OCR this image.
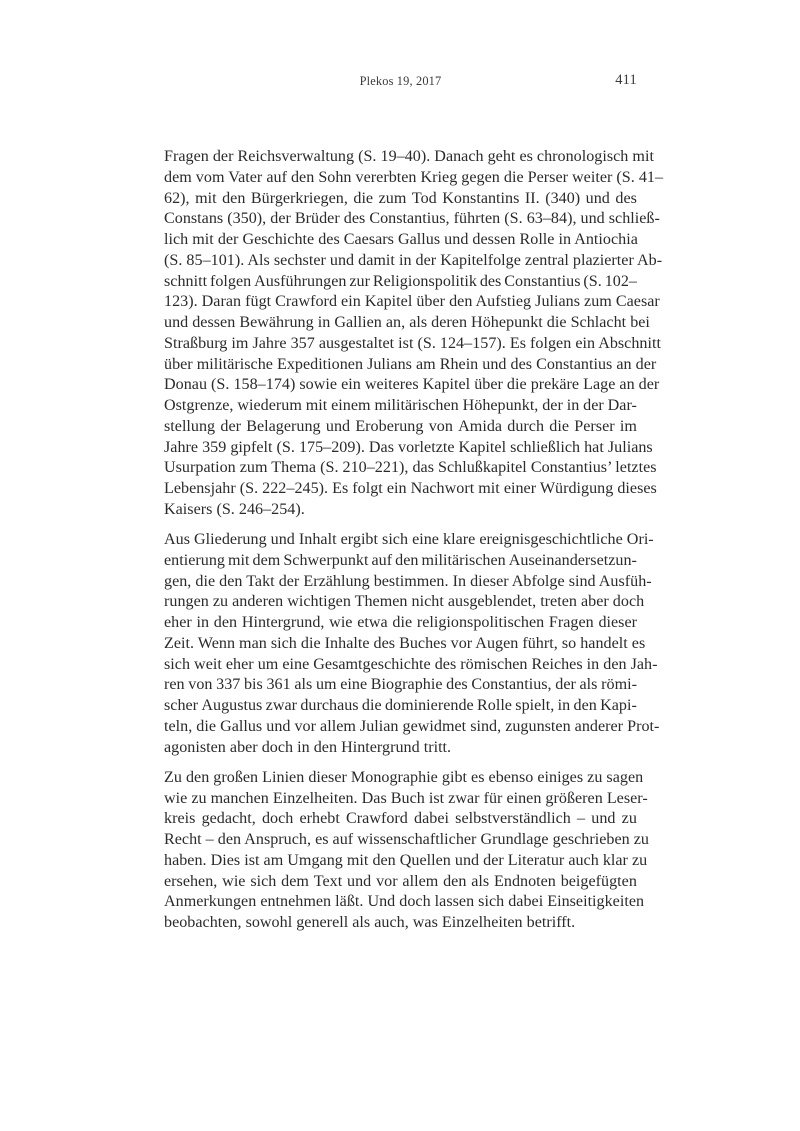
Plekos 19, 2017	411

Fragen der Reichsverwaltung (S. 19–40). Danach geht es chronologisch mit
dem vom Vater auf den Sohn vererbten Krieg gegen die Perser weiter (S. 41–
62), mit den Bürgerkriegen, die zum Tod Konstantins II. (340) und des
Constans (350), der Brüder des Constantius, führten (S. 63–84), und schließ-
lich mit der Geschichte des Caesars Gallus und dessen Rolle in Antiochia
(S. 85–101). Als sechster und damit in der Kapitelfolge zentral plazierter Ab-
schnitt folgen Ausführungen zur Religionspolitik des Constantius (S. 102–
123). Daran fügt Crawford ein Kapitel über den Aufstieg Julians zum Caesar
und dessen Bewährung in Gallien an, als deren Höhepunkt die Schlacht bei
Straßburg im Jahre 357 ausgestaltet ist (S. 124–157). Es folgen ein Abschnitt
über militärische Expeditionen Julians am Rhein und des Constantius an der
Donau (S. 158–174) sowie ein weiteres Kapitel über die prekäre Lage an der
Ostgrenze, wiederum mit einem militärischen Höhepunkt, der in der Dar-
stellung der Belagerung und Eroberung von Amida durch die Perser im
Jahre 359 gipfelt (S. 175–209). Das vorletzte Kapitel schließlich hat Julians
Usurpation zum Thema (S. 210–221), das Schlußkapitel Constantius’ letztes
Lebensjahr (S. 222–245). Es folgt ein Nachwort mit einer Würdigung dieses
Kaisers (S. 246–254).

Aus Gliederung und Inhalt ergibt sich eine klare ereignisgeschichtliche Ori-
entierung mit dem Schwerpunkt auf den militärischen Auseinandersetzun-
gen, die den Takt der Erzählung bestimmen. In dieser Abfolge sind Ausfüh-
rungen zu anderen wichtigen Themen nicht ausgeblendet, treten aber doch
eher in den Hintergrund, wie etwa die religionspolitischen Fragen dieser
Zeit. Wenn man sich die Inhalte des Buches vor Augen führt, so handelt es
sich weit eher um eine Gesamtgeschichte des römischen Reiches in den Jah-
ren von 337 bis 361 als um eine Biographie des Constantius, der als römi-
scher Augustus zwar durchaus die dominierende Rolle spielt, in den Kapi-
teln, die Gallus und vor allem Julian gewidmet sind, zugunsten anderer Prot-
agonisten aber doch in den Hintergrund tritt.

Zu den großen Linien dieser Monographie gibt es ebenso einiges zu sagen
wie zu manchen Einzelheiten. Das Buch ist zwar für einen größeren Leser-
kreis gedacht, doch erhebt Crawford dabei selbstverständlich – und zu
Recht – den Anspruch, es auf wissenschaftlicher Grundlage geschrieben zu
haben. Dies ist am Umgang mit den Quellen und der Literatur auch klar zu
ersehen, wie sich dem Text und vor allem den als Endnoten beigefügten
Anmerkungen entnehmen läßt. Und doch lassen sich dabei Einseitigkeiten
beobachten, sowohl generell als auch, was Einzelheiten betrifft.
